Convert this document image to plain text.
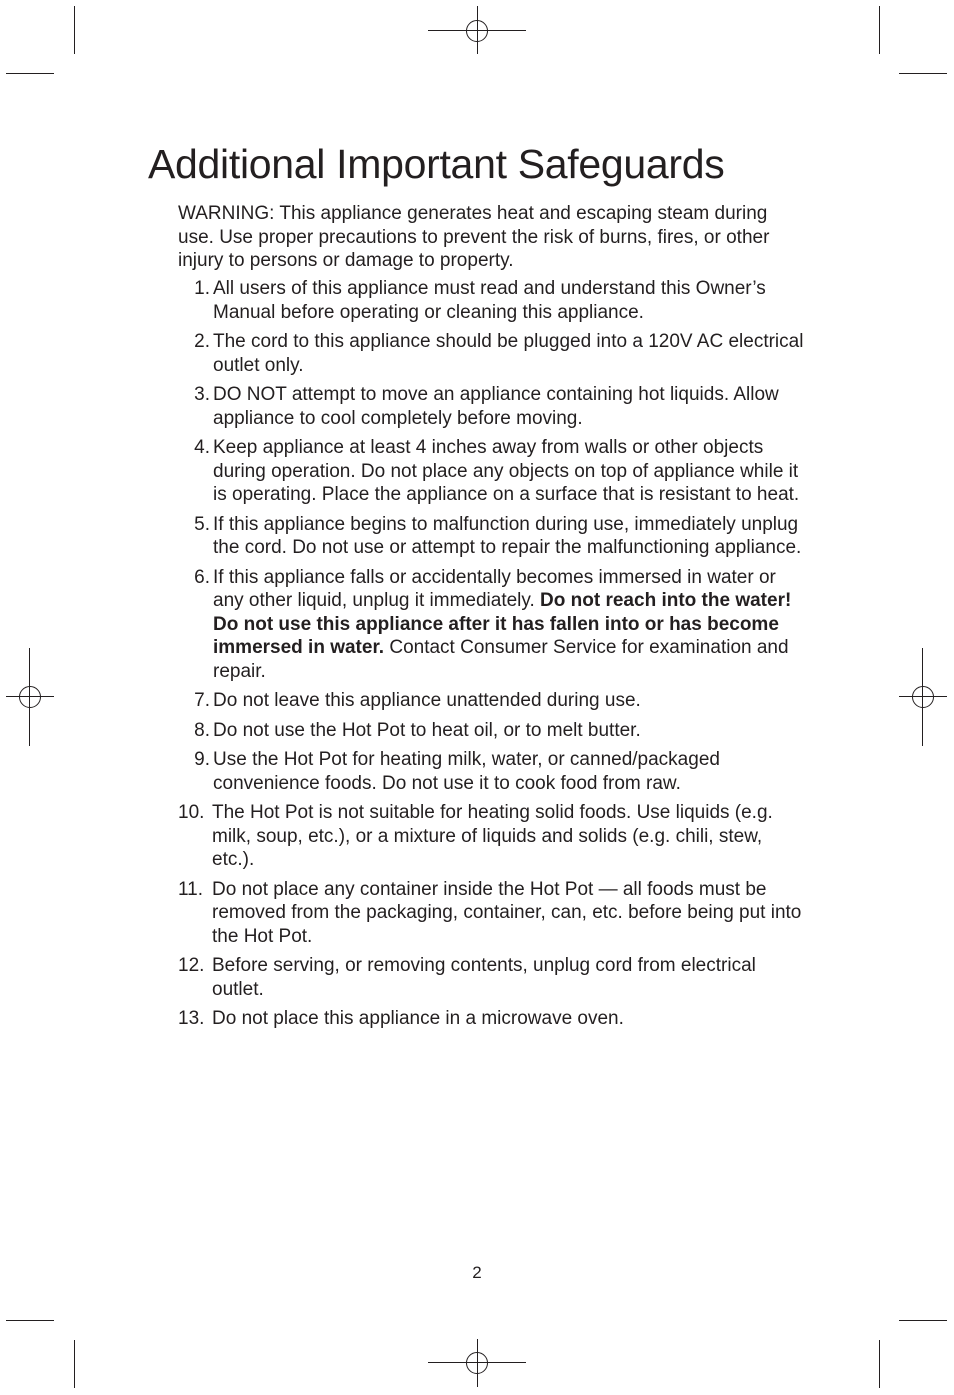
Additional Important Safeguards

WARNING: This appliance generates heat and escaping steam during use. Use proper precautions to prevent the risk of burns, fires, or other injury to persons or damage to property.

1. All users of this appliance must read and understand this Owner’s Manual before operating or cleaning this appliance.
2. The cord to this appliance should be plugged into a 120V AC electrical outlet only.
3. DO NOT attempt to move an appliance containing hot liquids. Allow appliance to cool completely before moving.
4. Keep appliance at least 4 inches away from walls or other objects during operation. Do not place any objects on top of appliance while it is operating. Place the appliance on a surface that is resistant to heat.
5. If this appliance begins to malfunction during use, immediately unplug the cord. Do not use or attempt to repair the malfunctioning appliance.
6. If this appliance falls or accidentally becomes immersed in water or any other liquid, unplug it immediately. Do not reach into the water! Do not use this appliance after it has fallen into or has become immersed in water. Contact Consumer Service for examination and repair.
7. Do not leave this appliance unattended during use.
8. Do not use the Hot Pot to heat oil, or to melt butter.
9. Use the Hot Pot for heating milk, water, or canned/packaged convenience foods. Do not use it to cook food from raw.
10. The Hot Pot is not suitable for heating solid foods. Use liquids (e.g. milk, soup, etc.), or a mixture of liquids and solids (e.g. chili, stew, etc.).
11. Do not place any container inside the Hot Pot — all foods must be removed from the packaging, container, can, etc. before being put into the Hot Pot.
12. Before serving, or removing contents, unplug cord from electrical outlet.
13. Do not place this appliance in a microwave oven.
2
